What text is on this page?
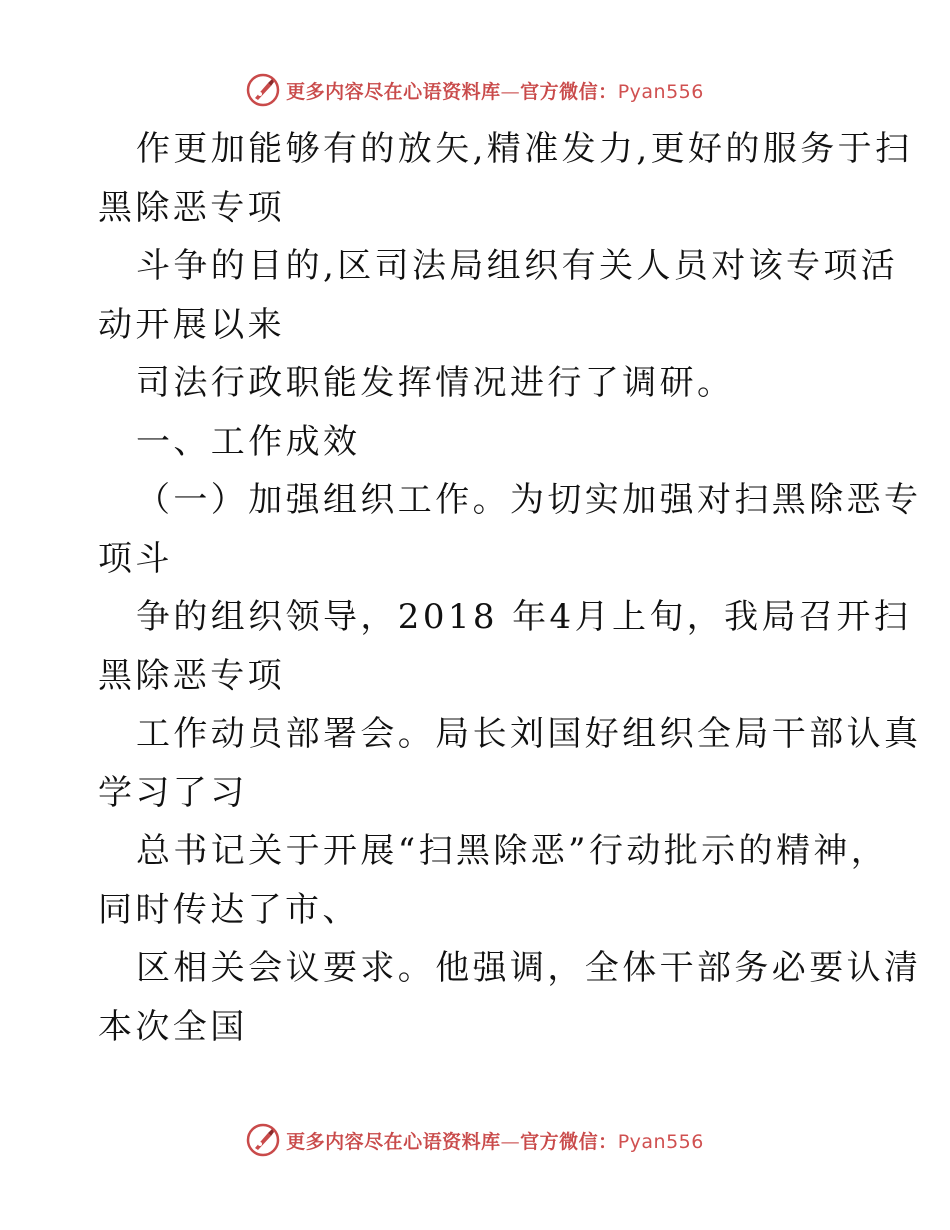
更多内容尽在心语资料库—官方微信：Pyan556
作更加能够有的放矢,精准发力,更好的服务于扫
黑除恶专项
斗争的目的,区司法局组织有关人员对该专项活
动开展以来
司法行政职能发挥情况进行了调研。
一、工作成效
（一）加强组织工作。为切实加强对扫黑除恶专
项斗
争的组织领导，2018 年4月上旬，我局召开扫
黑除恶专项
工作动员部署会。局长刘国好组织全局干部认真
学习了习
总书记关于开展“扫黑除恶”行动批示的精神，
同时传达了市、
区相关会议要求。他强调，全体干部务必要认清
本次全国
更多内容尽在心语资料库—官方微信：Pyan556
